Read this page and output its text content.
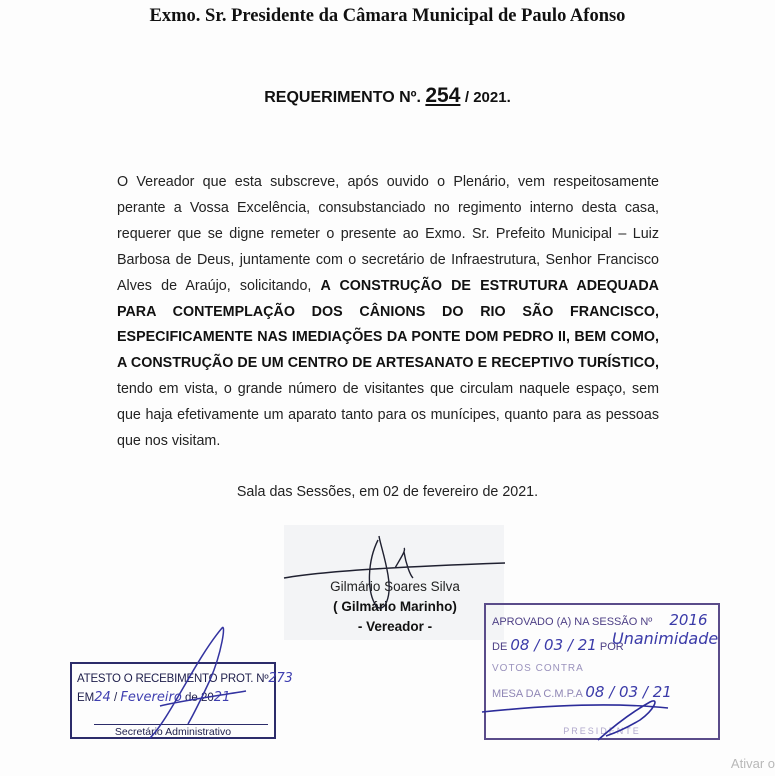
Exmo. Sr. Presidente da Câmara Municipal de Paulo Afonso
REQUERIMENTO Nº. 254 / 2021.
O Vereador que esta subscreve, após ouvido o Plenário, vem respeitosamente perante a Vossa Excelência, consubstanciado no regimento interno desta casa, requerer que se digne remeter o presente ao Exmo. Sr. Prefeito Municipal – Luiz Barbosa de Deus, juntamente com o secretário de Infraestrutura, Senhor Francisco Alves de Araújo, solicitando, A CONSTRUÇÃO DE ESTRUTURA ADEQUADA PARA CONTEMPLAÇÃO DOS CÂNIONS DO RIO SÃO FRANCISCO, ESPECIFICAMENTE NAS IMEDIAÇÕES DA PONTE DOM PEDRO II, BEM COMO, A CONSTRUÇÃO DE UM CENTRO DE ARTESANATO E RECEPTIVO TURÍSTICO, tendo em vista, o grande número de visitantes que circulam naquele espaço, sem que haja efetivamente um aparato tanto para os munícipes, quanto para as pessoas que nos visitam.
Sala das Sessões, em 02 de fevereiro de 2021.
Gilmário Soares Silva
( Gilmário Marinho)
- Vereador -
ATESTO O RECEBIMENTO PROT. Nº273
EM24 / Fevereiro de 2021
Secretário Administrativo
APROVADO (A) NA SESSÃO Nº 2016
DE 08 / 03 / 21 POR
VOTOS CONTRA
MESA DA C.M.P.A 08 / 03 / 21
PRESIDENTE
Unanimidade
Ativar o
